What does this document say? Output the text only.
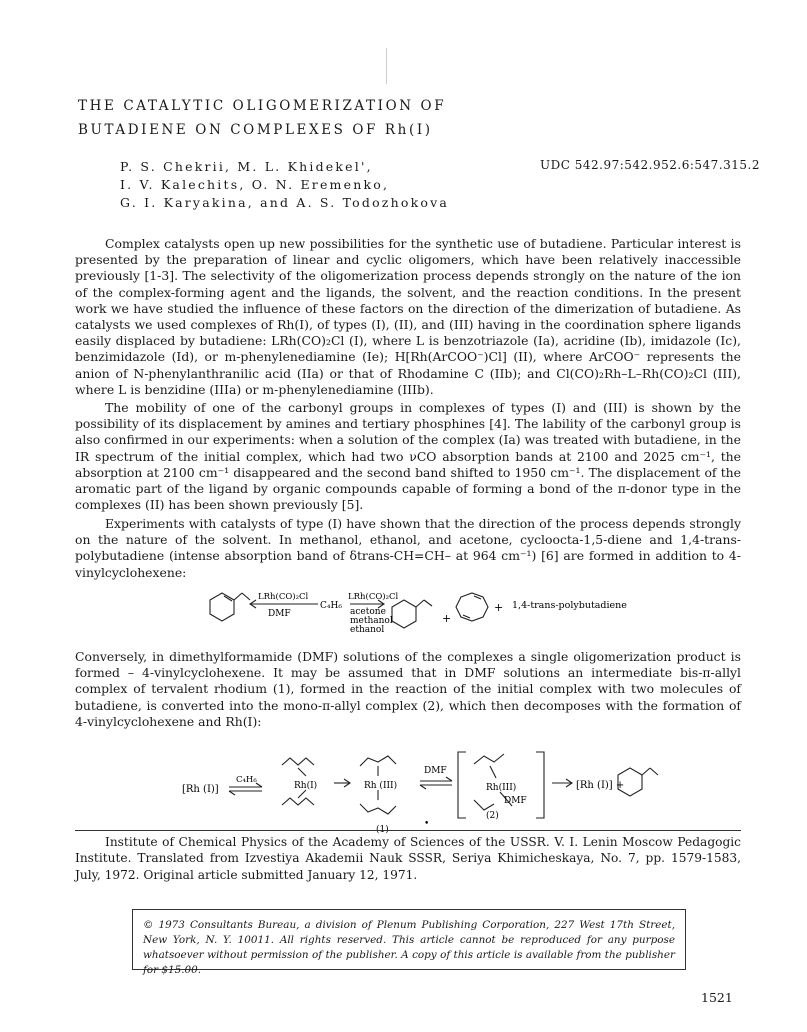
THE CATALYTIC OLIGOMERIZATION OF
BUTADIENE ON COMPLEXES OF Rh(I)
P. S. Chekrii, M. L. Khidekel',
I. V. Kalechits, O. N. Eremenko,
G. I. Karyakina, and A. S. Todozhokova
UDC 542.97:542.952.6:547.315.2

Complex catalysts open up new possibilities for the synthetic use of butadiene. Particular interest is presented by the preparation of linear and cyclic oligomers, which have been relatively inaccessible previously [1-3]. The selectivity of the oligomerization process depends strongly on the nature of the ion of the complex-forming agent and the ligands, the solvent, and the reaction conditions. In the present work we have studied the influence of these factors on the direction of the dimerization of butadiene. As catalysts we used complexes of Rh(I), of types (I), (II), and (III) having in the coordination sphere ligands easily displaced by butadiene: LRh(CO)₂Cl (I), where L is benzotriazole (Ia), acridine (Ib), imidazole (Ic), benzimidazole (Id), or m-phenylenediamine (Ie); H[Rh(ArCOO⁻)Cl] (II), where ArCOO⁻ represents the anion of N-phenylanthranilic acid (IIa) or that of Rhodamine C (IIb); and Cl(CO)₂Rh–L–Rh(CO)₂Cl (III), where L is benzidine (IIIa) or m-phenylenediamine (IIIb).

The mobility of one of the carbonyl groups in complexes of types (I) and (III) is shown by the possibility of its displacement by amines and tertiary phosphines [4]. The lability of the carbonyl group is also confirmed in our experiments: when a solution of the complex (Ia) was treated with butadiene, in the IR spectrum of the initial complex, which had two νCO absorption bands at 2100 and 2025 cm⁻¹, the absorption at 2100 cm⁻¹ disappeared and the second band shifted to 1950 cm⁻¹. The displacement of the aromatic part of the ligand by organic compounds capable of forming a bond of the π-donor type in the complexes (II) has been shown previously [5].

Experiments with catalysts of type (I) have shown that the direction of the process depends strongly on the nature of the solvent. In methanol, ethanol, and acetone, cycloocta-1,5-diene and 1,4-trans-polybutadiene (intense absorption band of δtrans-CH=CH– at 964 cm⁻¹) [6] are formed in addition to 4-vinylcyclohexene:

LRh(CO)₂Cl
DMF
C₄H₆
LRh(CO)₂Cl
acetone
methanol
ethanol
+
+ 1,4-trans-polybutadiene

Conversely, in dimethylformamide (DMF) solutions of the complexes a single oligomerization product is formed – 4-vinylcyclohexene. It may be assumed that in DMF solutions an intermediate bis-π-allyl complex of tervalent rhodium (1), formed in the reaction of the initial complex with two molecules of butadiene, is converted into the mono-π-allyl complex (2), which then decomposes with the formation of 4-vinylcyclohexene and Rh(I):

[Rh (I)]
C₄H₆
Rh(I)	Rh (III)
(1)
•
DMF
Rh(III)
DMF
(2)
[Rh (I)] +

Institute of Chemical Physics of the Academy of Sciences of the USSR. V. I. Lenin Moscow Pedagogic Institute. Translated from Izvestiya Akademii Nauk SSSR, Seriya Khimicheskaya, No. 7, pp. 1579-1583, July, 1972. Original article submitted January 12, 1971.

© 1973 Consultants Bureau, a division of Plenum Publishing Corporation, 227 West 17th Street, New York, N. Y. 10011. All rights reserved. This article cannot be reproduced for any purpose whatsoever without permission of the publisher. A copy of this article is available from the publisher for $15.00.

1521
